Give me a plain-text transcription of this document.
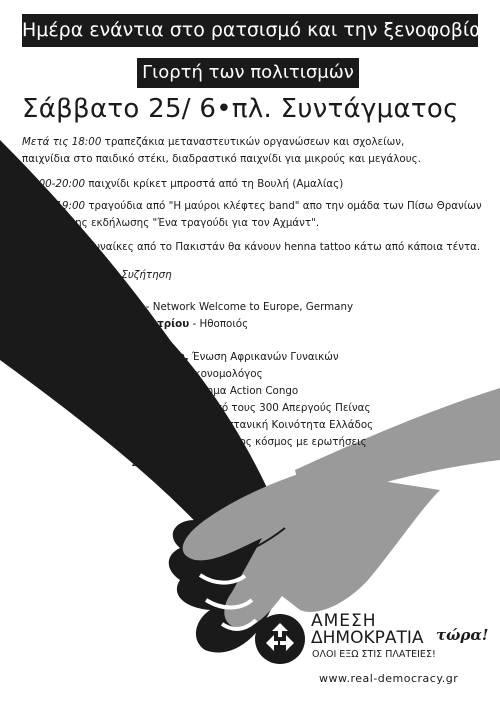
Ημέρα ενάντια στο ρατσισμό και την ξενοφοβία
Γιορτή των πολιτισμών
Σάββατο 25/ 6•πλ. Συντάγματος
Μετά τις 18:00 τραπεζάκια μεταναστευτικών οργανώσεων και σχολείων,
παιχνίδια στο παιδικό στέκι, διαδραστικό παιχνίδι για μικρούς και μεγάλους.
18:00-20:00 παιχνίδι κρίκετ μπροστά από τη Βουλή (Αμαλίας)
18:30-19:00 τραγούδια από "Η μαύροι κλέφτες band" απο την ομάδα των Πίσω Θρανίων
με τίτλο της εκδήλωσης "Ένα τραγούδι για τον Αχμάντ".
19:00-21:00 Γυναίκες από το Πακιστάν θα κάνουν henna tattoo κάτω από κάποια τέντα.
19:00 – 21:00 Συζήτηση
χαιρετίζουν:
Bernd Kasparek - Network Welcome to Europe, Germany
Μάνια Παπαδημητρίου - Ηθοποιός
μιλάνε οι:
Λωρέττα Μακόλευ, Ένωση Αφρικανών Γυναικών
Πέτρος Ρυλμόν, Οικονομολόγος
Ανρί Κασόνγκο, Κίνημα Action Congo
Χασάν Καμπζουά, από τους 300 Απεργούς Πείνας
Τζαβέντ Ασλάμ, Πακιστανική Κοινότητα Ελλάδος
Όλος ο παρευρισκόμενος κόσμος με ερωτήσεις
24:00 -03:00 Συναυλία
ΑΜΕΣΗ
ΔΗΜΟΚΡΑΤΙΑ τώρα!
ΟΛΟΙ ΕΞΩ ΣΤΙΣ ΠΛΑΤΕΙΕΣ!
www.real-democracy.gr
